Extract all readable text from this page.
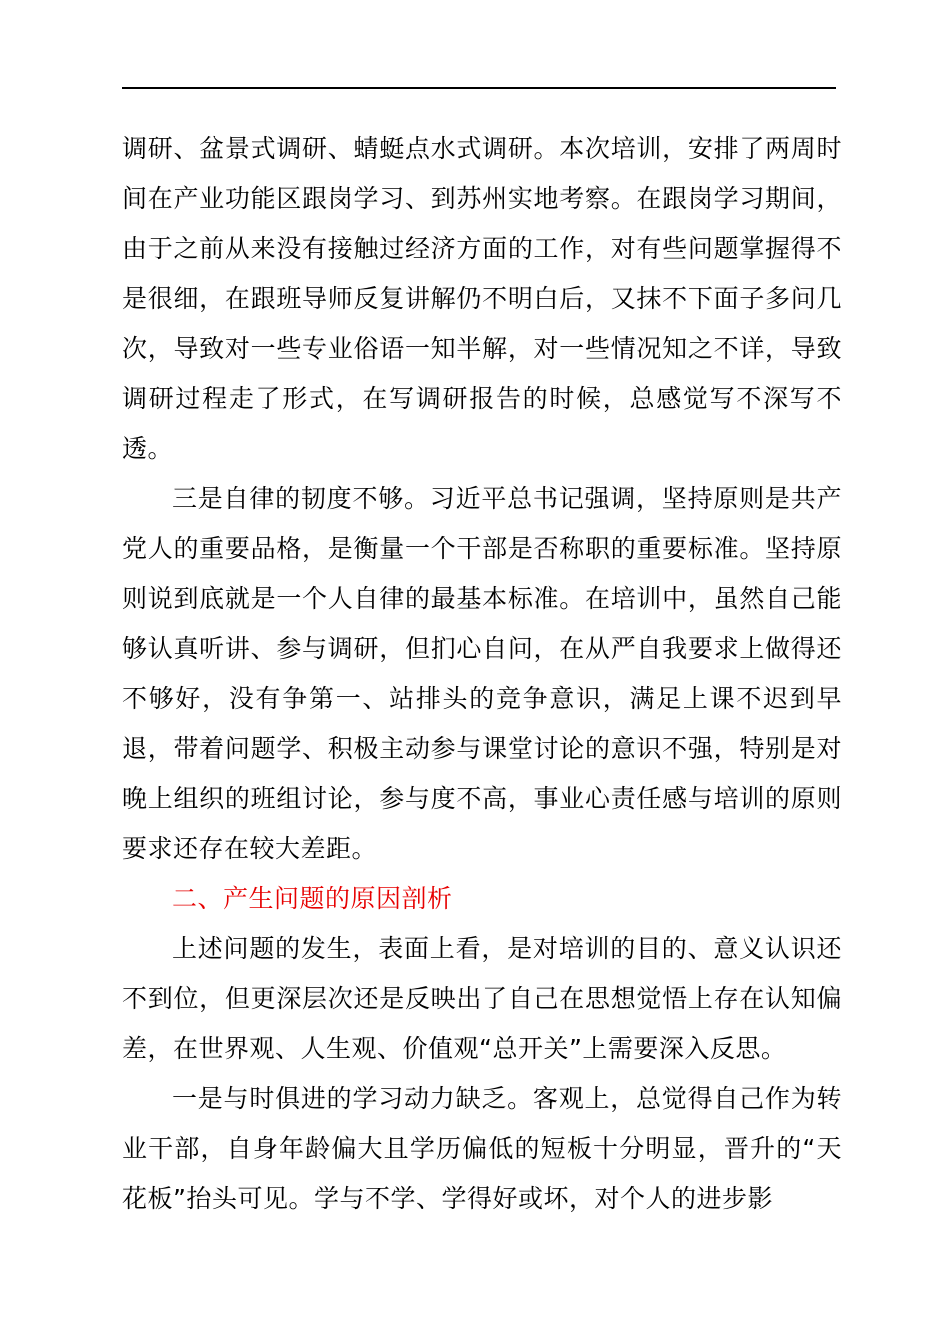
调研、盆景式调研、蜻蜓点水式调研。本次培训，安排了两周时间在产业功能区跟岗学习、到苏州实地考察。在跟岗学习期间，由于之前从来没有接触过经济方面的工作，对有些问题掌握得不是很细，在跟班导师反复讲解仍不明白后，又抹不下面子多问几次，导致对一些专业俗语一知半解，对一些情况知之不详，导致调研过程走了形式，在写调研报告的时候，总感觉写不深写不透。

三是自律的韧度不够。习近平总书记强调，坚持原则是共产党人的重要品格，是衡量一个干部是否称职的重要标准。坚持原则说到底就是一个人自律的最基本标准。在培训中，虽然自己能够认真听讲、参与调研，但扪心自问，在从严自我要求上做得还不够好，没有争第一、站排头的竞争意识，满足上课不迟到早退，带着问题学、积极主动参与课堂讨论的意识不强，特别是对晚上组织的班组讨论，参与度不高，事业心责任感与培训的原则要求还存在较大差距。

二、产生问题的原因剖析

上述问题的发生，表面上看，是对培训的目的、意义认识还不到位，但更深层次还是反映出了自己在思想觉悟上存在认知偏差，在世界观、人生观、价值观“总开关”上需要深入反思。

一是与时俱进的学习动力缺乏。客观上，总觉得自己作为转业干部，自身年龄偏大且学历偏低的短板十分明显，晋升的“天花板”抬头可见。学与不学、学得好或坏，对个人的进步影
